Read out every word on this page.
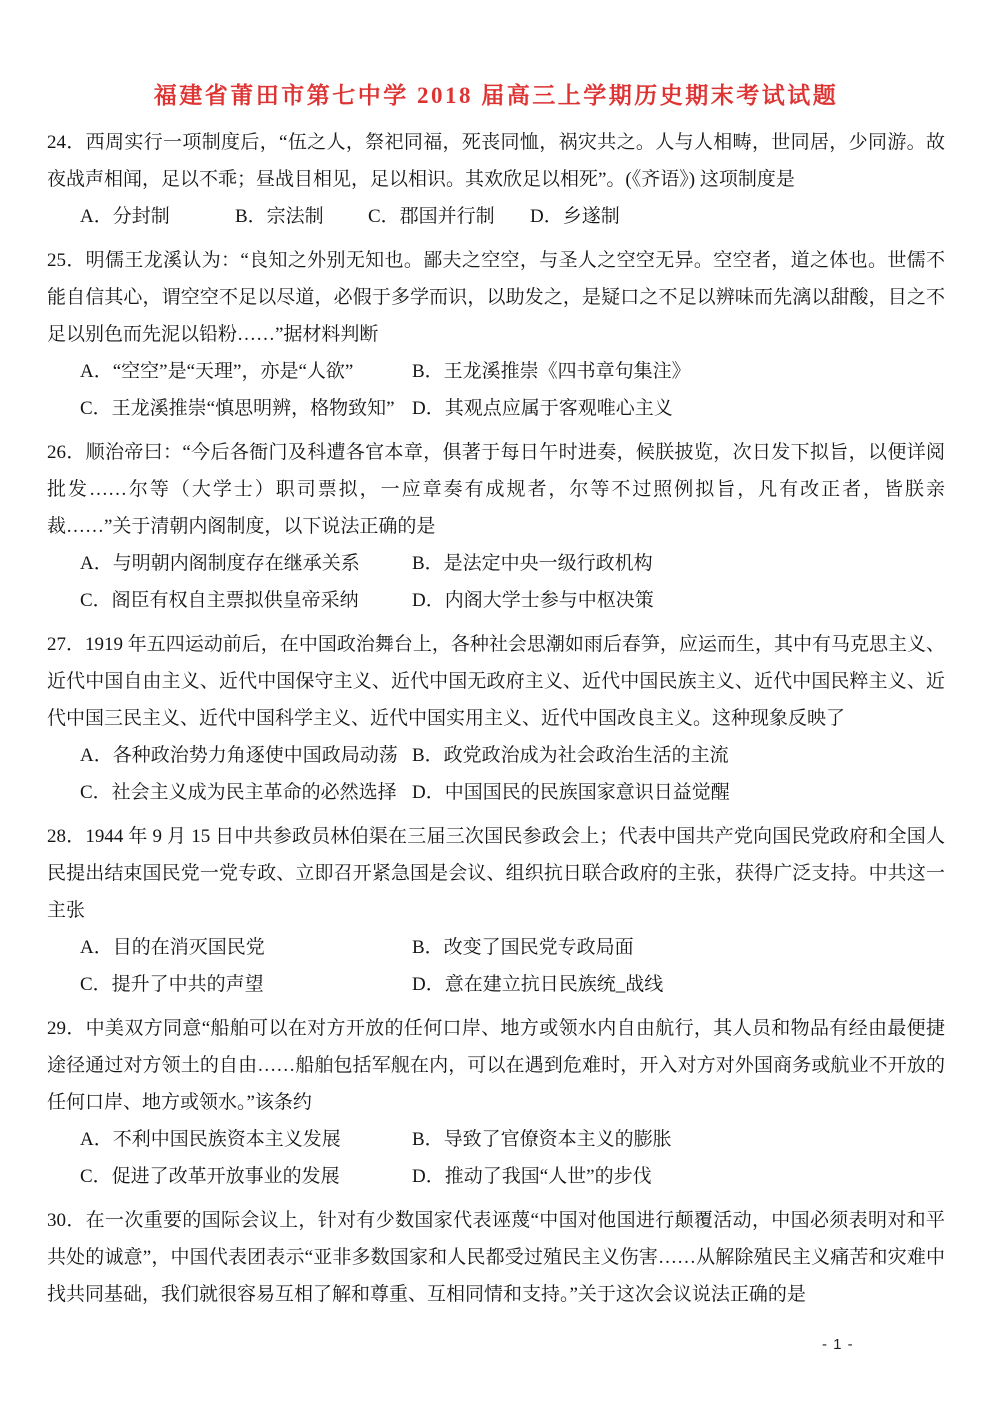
福建省莆田市第七中学 2018 届高三上学期历史期末考试试题

24．西周实行一项制度后，“伍之人，祭祀同福，死丧同恤，祸灾共之。人与人相畴，世同居，少同游。故夜战声相闻，足以不乖；昼战目相见，足以相识。其欢欣足以相死”。(《齐语》) 这项制度是

A．分封制	B．宗法制	C．郡国并行制	D．乡遂制

25．明儒王龙溪认为：“良知之外别无知也。鄙夫之空空，与圣人之空空无异。空空者，道之体也。世儒不能自信其心，谓空空不足以尽道，必假于多学而识，以助发之，是疑口之不足以辨味而先漓以甜酸，目之不足以别色而先泥以铅粉……”据材料判断

A．“空空”是“天理”，亦是“人欲”	B．王龙溪推崇《四书章句集注》
C．王龙溪推崇“慎思明辨，格物致知” D．其观点应属于客观唯心主义

26．顺治帝曰：“今后各衙门及科遭各官本章，俱著于每日午时进奏，候朕披览，次日发下拟旨，以便详阅批发……尔等（大学士）职司票拟，一应章奏有成规者，尔等不过照例拟旨，凡有改正者，皆朕亲裁……”关于清朝内阁制度，以下说法正确的是

A．与明朝内阁制度存在继承关系	B．是法定中央一级行政机构
C．阁臣有权自主票拟供皇帝采纳	D．内阁大学士参与中枢决策

27．1919 年五四运动前后，在中国政治舞台上，各种社会思潮如雨后春笋，应运而生，其中有马克思主义、近代中国自由主义、近代中国保守主义、近代中国无政府主义、近代中国民族主义、近代中国民粹主义、近代中国三民主义、近代中国科学主义、近代中国实用主义、近代中国改良主义。这种现象反映了

A．各种政治势力角逐使中国政局动荡 B．政党政治成为社会政治生活的主流
C．社会主义成为民主革命的必然选择 D．中国国民的民族国家意识日益觉醒

28．1944 年 9 月 15 日中共参政员林伯渠在三届三次国民参政会上；代表中国共产党向国民党政府和全国人民提出结束国民党一党专政、立即召开紧急国是会议、组织抗日联合政府的主张，获得广泛支持。中共这一主张

A．目的在消灭国民党	B．改变了国民党专政局面
C．提升了中共的声望	D．意在建立抗日民族统_战线

29．中美双方同意“船舶可以在对方开放的任何口岸、地方或领水内自由航行，其人员和物品有经由最便捷途径通过对方领土的自由……船舶包括军舰在内，可以在遇到危难时，开入对方对外国商务或航业不开放的任何口岸、地方或领水。”该条约

A．不利中国民族资本主义发展	B．导致了官僚资本主义的膨胀
C．促进了改革开放事业的发展	D．推动了我国“人世”的步伐

30．在一次重要的国际会议上，针对有少数国家代表诬蔑“中国对他国进行颠覆活动，中国必须表明对和平共处的诚意”，中国代表团表示“亚非多数国家和人民都受过殖民主义伤害……从解除殖民主义痛苦和灾难中找共同基础，我们就很容易互相了解和尊重、互相同情和支持。”关于这次会议说法正确的是

- 1 -
